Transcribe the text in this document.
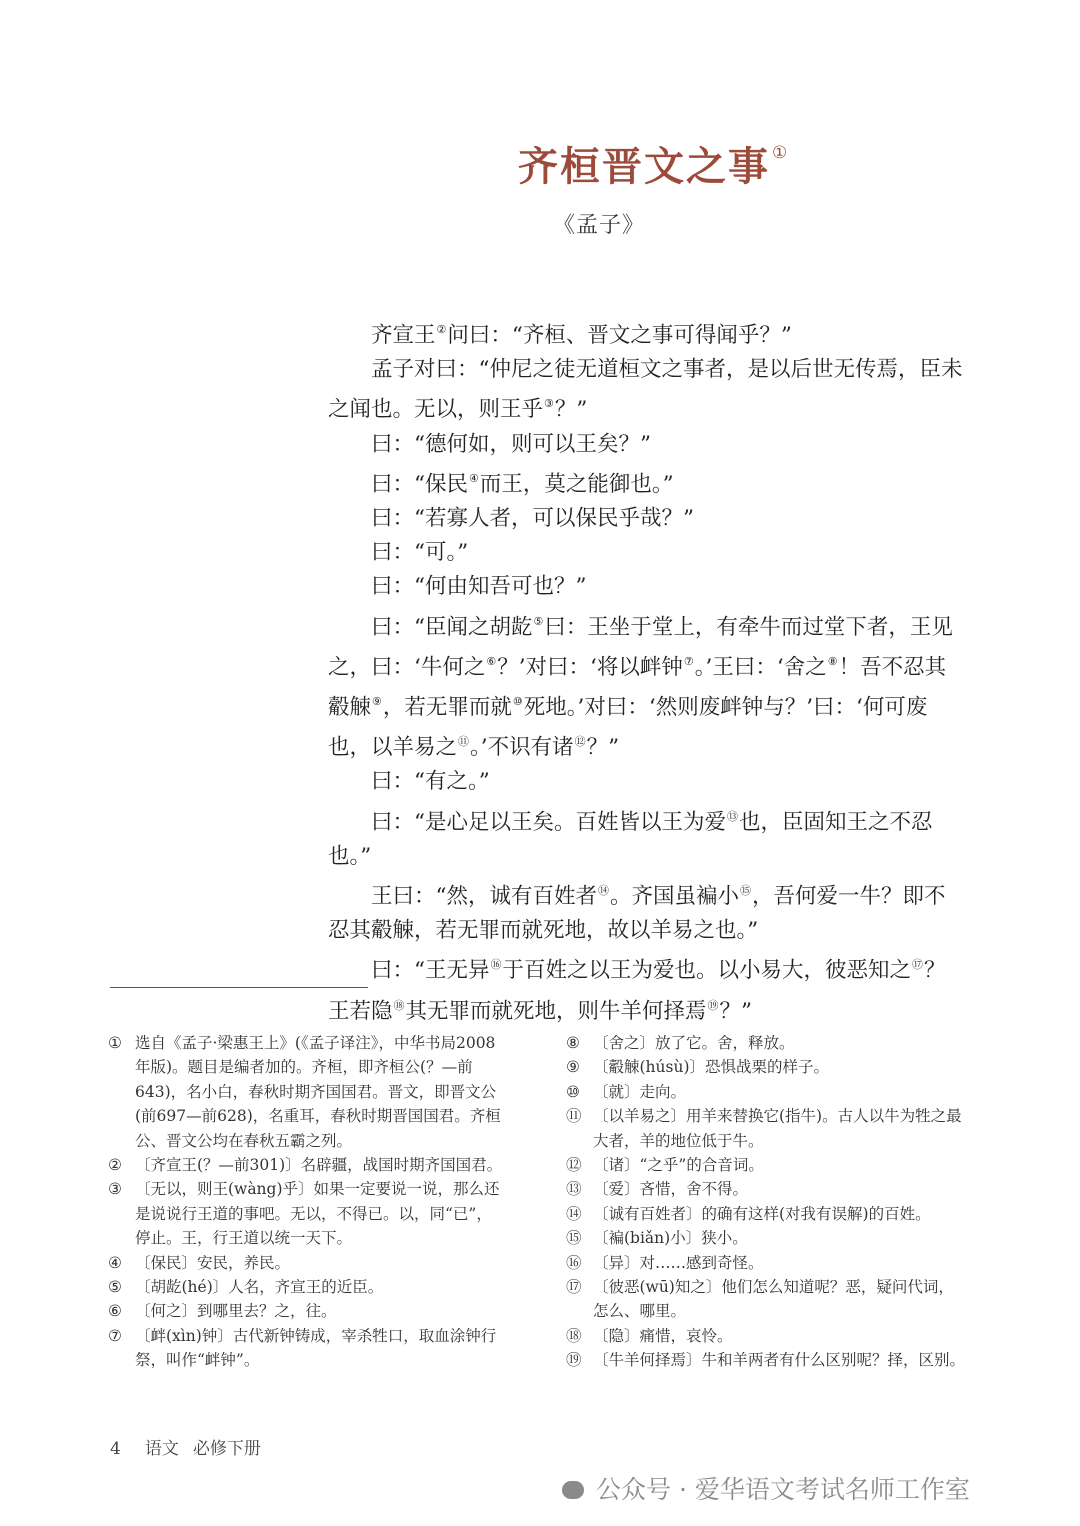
齐桓晋文之事 ①
《孟子》

齐宣王②问曰：“齐桓、晋文之事可得闻乎？”

孟子对曰：“仲尼之徒无道桓文之事者，是以后世无传焉，臣未之闻也。无以，则王乎③？”

曰：“德何如，则可以王矣？”

曰：“保民④而王，莫之能御也。”

曰：“若寡人者，可以保民乎哉？”

曰：“可。”

曰：“何由知吾可也？”

曰：“臣闻之胡龁⑤曰：王坐于堂上，有牵牛而过堂下者，王见之，曰：‘牛何之⑥？’对曰：‘将以衅钟⑦。’王曰：‘舍之⑧！吾不忍其觳觫⑨，若无罪而就⑩死地。’对曰：‘然则废衅钟与？’曰：‘何可废也，以羊易之⑪。’不识有诸⑫？”

曰：“有之。”

曰：“是心足以王矣。百姓皆以王为爱⑬也，臣固知王之不忍也。”

王曰：“然，诚有百姓者⑭。齐国虽褊小⑮，吾何爱一牛？即不忍其觳觫，若无罪而就死地，故以羊易之也。”

曰：“王无异⑯于百姓之以王为爱也。以小易大，彼恶知之⑰？王若隐⑱其无罪而就死地，则牛羊何择焉⑲？”

① 选自《孟子·梁惠王上》(《孟子译注》，中华书局2008年版)。题目是编者加的。齐桓，即齐桓公(？—前643)，名小白，春秋时期齐国国君。晋文，即晋文公(前697—前628)，名重耳，春秋时期晋国国君。齐桓公、晋文公均在春秋五霸之列。
② 〔齐宣王(？—前301)〕名辟疆，战国时期齐国国君。
③ 〔无以，则王(wàng)乎〕如果一定要说一说，那么还是说说行王道的事吧。无以，不得已。以，同“已”，停止。王，行王道以统一天下。
④ 〔保民〕安民，养民。
⑤ 〔胡龁(hé)〕人名，齐宣王的近臣。
⑥ 〔何之〕到哪里去？之，往。
⑦ 〔衅(xìn)钟〕古代新钟铸成，宰杀牲口，取血涂钟行祭，叫作“衅钟”。
⑧ 〔舍之〕放了它。舍，释放。
⑨ 〔觳觫(húsù)〕恐惧战栗的样子。
⑩ 〔就〕走向。
⑪ 〔以羊易之〕用羊来替换它(指牛)。古人以牛为牲之最大者，羊的地位低于牛。
⑫ 〔诸〕“之乎”的合音词。
⑬ 〔爱〕吝惜，舍不得。
⑭ 〔诚有百姓者〕的确有这样(对我有误解)的百姓。
⑮ 〔褊(biǎn)小〕狭小。
⑯ 〔异〕对……感到奇怪。
⑰ 〔彼恶(wū)知之〕他们怎么知道呢？恶，疑问代词，怎么、哪里。
⑱ 〔隐〕痛惜，哀怜。
⑲ 〔牛羊何择焉〕牛和羊两者有什么区别呢？择，区别。
4 语文 必修下册
公众号 · 爱华语文考试名师工作室
